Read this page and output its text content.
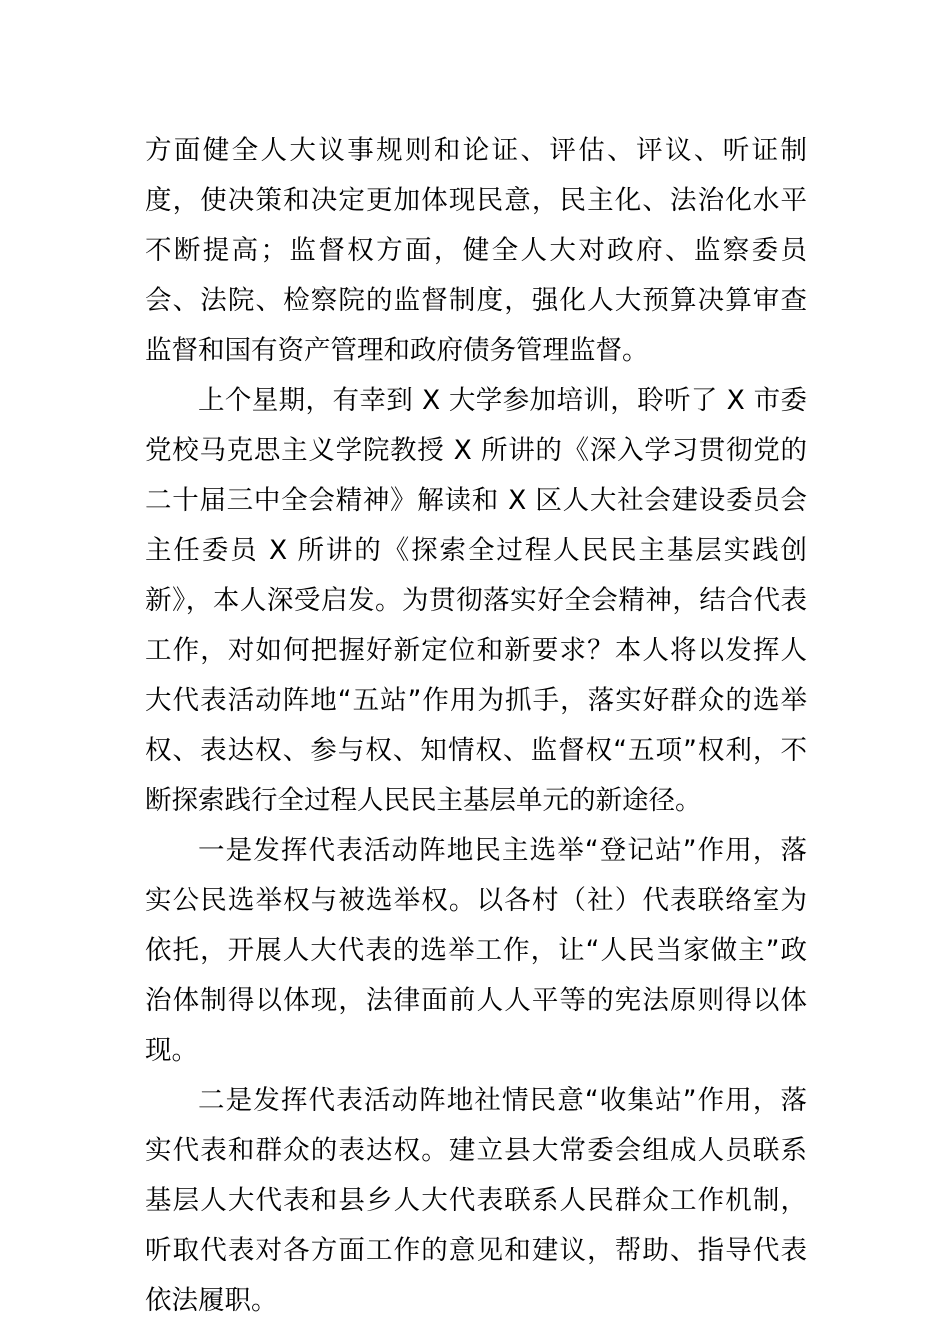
方面健全人大议事规则和论证、评估、评议、听证制度，使决策和决定更加体现民意，民主化、法治化水平不断提高；监督权方面，健全人大对政府、监察委员会、法院、检察院的监督制度，强化人大预算决算审查监督和国有资产管理和政府债务管理监督。

上个星期，有幸到 X 大学参加培训，聆听了 X 市委党校马克思主义学院教授 X 所讲的《深入学习贯彻党的二十届三中全会精神》解读和 X 区人大社会建设委员会主任委员 X 所讲的《探索全过程人民民主基层实践创新》，本人深受启发。为贯彻落实好全会精神，结合代表工作，对如何把握好新定位和新要求？本人将以发挥人大代表活动阵地“五站”作用为抓手，落实好群众的选举权、表达权、参与权、知情权、监督权“五项”权利，不断探索践行全过程人民民主基层单元的新途径。

一是发挥代表活动阵地民主选举“登记站”作用，落实公民选举权与被选举权。以各村（社）代表联络室为依托，开展人大代表的选举工作，让“人民当家做主”政治体制得以体现，法律面前人人平等的宪法原则得以体现。

二是发挥代表活动阵地社情民意“收集站”作用，落实代表和群众的表达权。建立县大常委会组成人员联系基层人大代表和县乡人大代表联系人民群众工作机制，听取代表对各方面工作的意见和建议，帮助、指导代表依法履职。
